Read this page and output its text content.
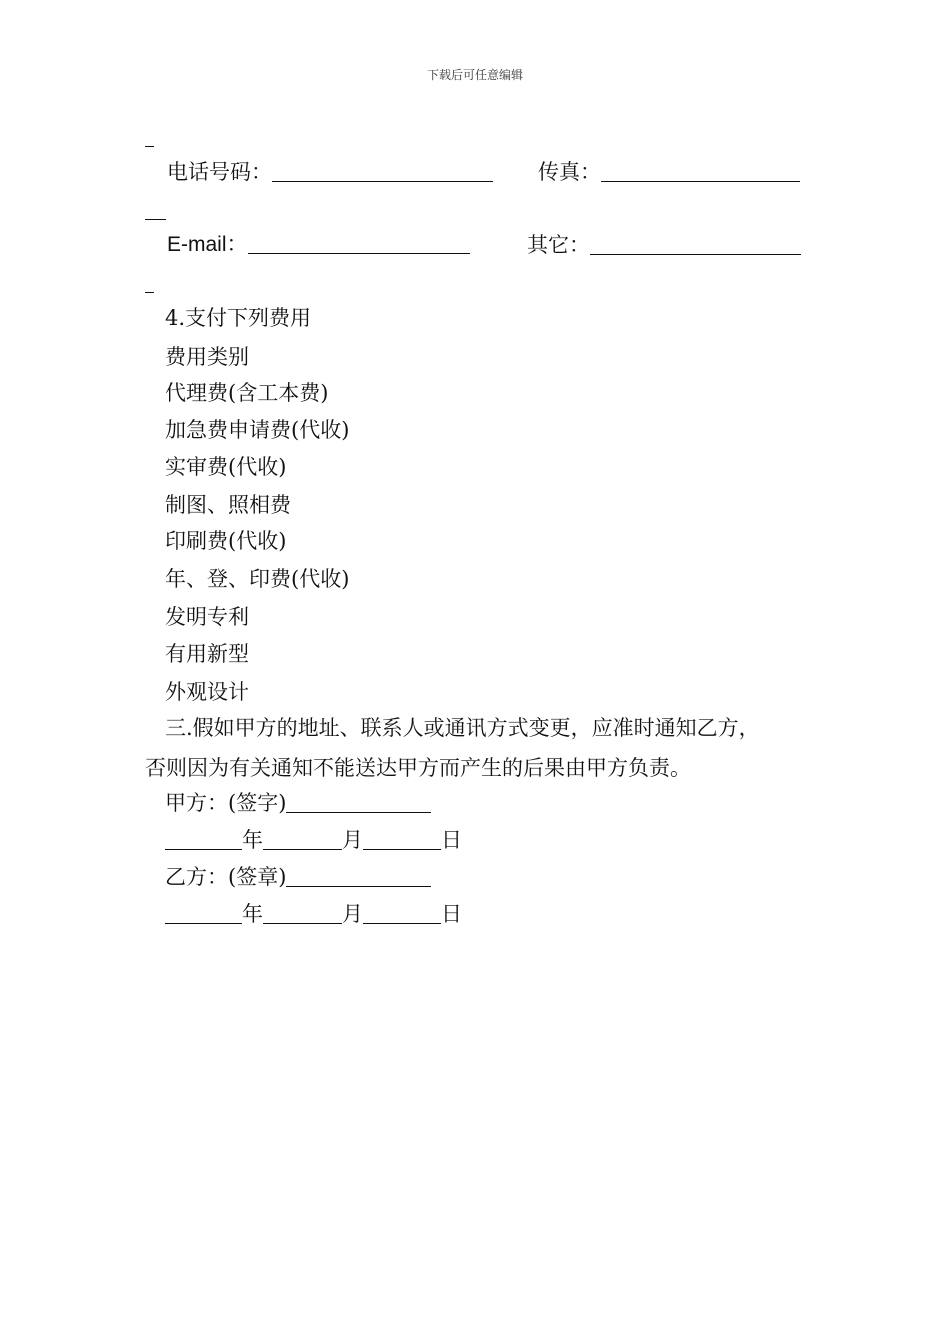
下载后可任意编辑
电话号码：	传真：
E-mail：	其它：
4.支付下列费用
费用类别
代理费(含工本费)
加急费申请费(代收)
实审费(代收)
制图、照相费
印刷费(代收)
年、登、印费(代收)
发明专利
有用新型
外观设计
三.假如甲方的地址、联系人或通讯方式变更，应准时通知乙方，
否则因为有关通知不能送达甲方而产生的后果由甲方负责。
甲方：(签字)
年	月	日
乙方：(签章)
年	月	日
